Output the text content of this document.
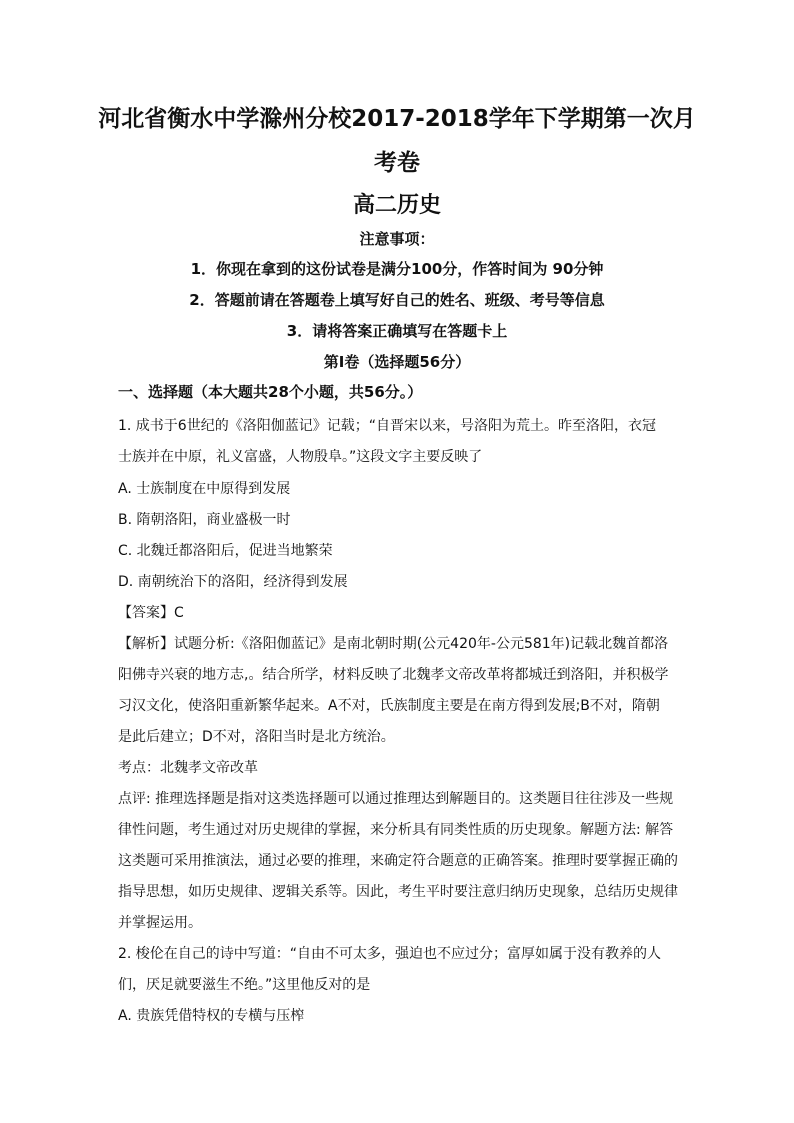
河北省衡水中学滁州分校2017-2018学年下学期第一次月
考卷
高二历史
注意事项：
1．你现在拿到的这份试卷是满分100分，作答时间为 90分钟
2．答题前请在答题卷上填写好自己的姓名、班级、考号等信息
3．请将答案正确填写在答题卡上
第Ⅰ卷（选择题56分）
一、选择题（本大题共28个小题，共56分。）
1. 成书于6世纪的《洛阳伽蓝记》记载；“自晋宋以来，号洛阳为荒土。昨至洛阳，衣冠
士族并在中原，礼义富盛，人物殷阜。”这段文字主要反映了
A. 士族制度在中原得到发展
B. 隋朝洛阳，商业盛极一时
C. 北魏迁都洛阳后，促进当地繁荣
D. 南朝统治下的洛阳，经济得到发展
【答案】C
【解析】试题分析:《洛阳伽蓝记》是南北朝时期(公元420年-公元581年)记载北魏首都洛
阳佛寺兴衰的地方志,。结合所学，材料反映了北魏孝文帝改革将都城迁到洛阳，并积极学
习汉文化，使洛阳重新繁华起来。A不对，氏族制度主要是在南方得到发展;B不对，隋朝
是此后建立；D不对，洛阳当时是北方统治。
考点：北魏孝文帝改革
点评: 推理选择题是指对这类选择题可以通过推理达到解题目的。这类题目往往涉及一些规
律性问题，考生通过对历史规律的掌握，来分析具有同类性质的历史现象。解题方法: 解答
这类题可采用推演法，通过必要的推理，来确定符合题意的正确答案。推理时要掌握正确的
指导思想，如历史规律、逻辑关系等。因此，考生平时要注意归纳历史现象，总结历史规律
并掌握运用。
2. 梭伦在自己的诗中写道：“自由不可太多，强迫也不应过分；富厚如属于没有教养的人
们，厌足就要滋生不绝。”这里他反对的是
A. 贵族凭借特权的专横与压榨
